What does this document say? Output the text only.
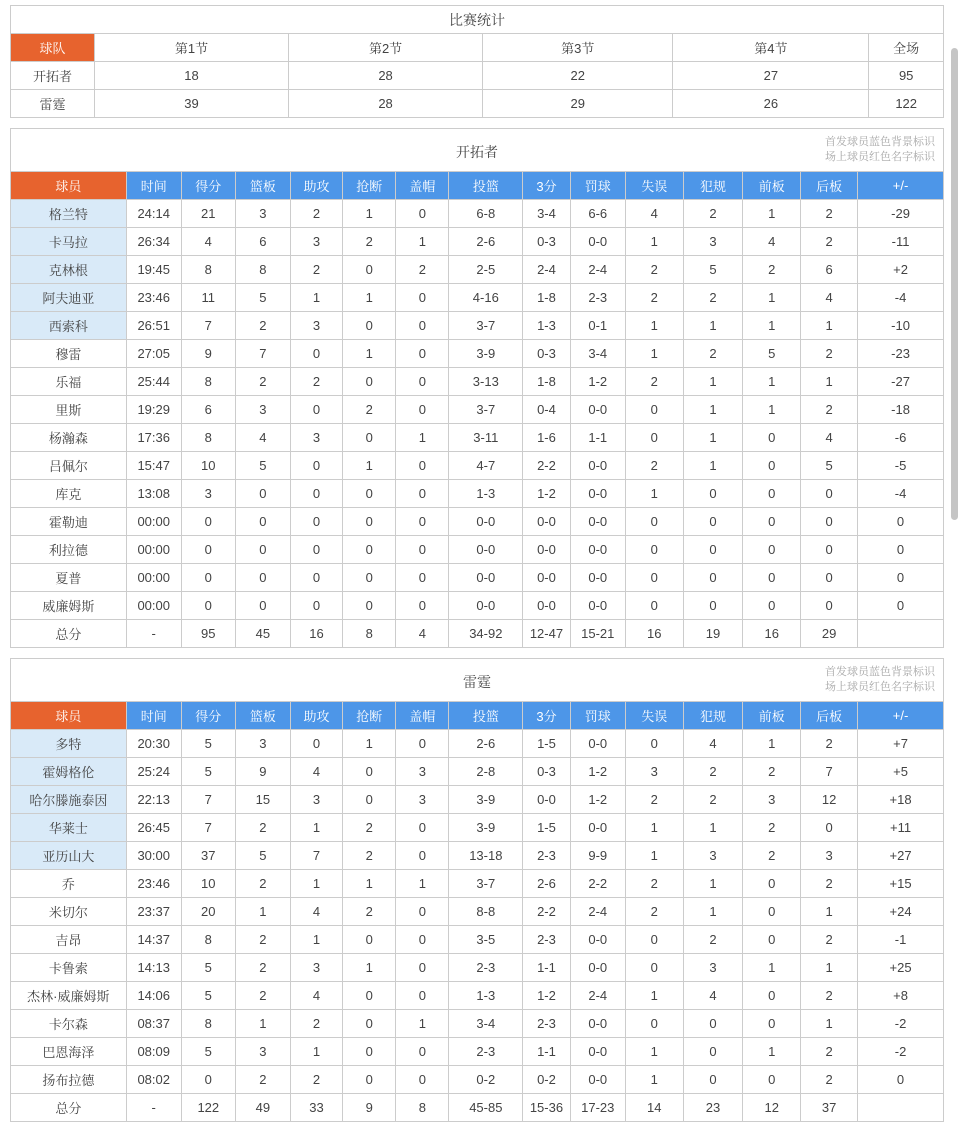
比赛统计					
球队	第1节	第2节	第3节	第4节	全场
开拓者	18	28	22	27	95
雷霆	39	28	29	26	122
开拓者
首发球员蓝色背景标识
场上球员红色名字标识
球员	时间	得分	篮板	助攻	抢断	盖帽	投篮	3分	罚球	失误	犯规	前板	后板	+/-
格兰特	24:14	21	3	2	1	0	6-8	3-4	6-6	4	2	1	2	-29
卡马拉	26:34	4	6	3	2	1	2-6	0-3	0-0	1	3	4	2	-11
克林根	19:45	8	8	2	0	2	2-5	2-4	2-4	2	5	2	6	+2
阿夫迪亚	23:46	11	5	1	1	0	4-16	1-8	2-3	2	2	1	4	-4
西索科	26:51	7	2	3	0	0	3-7	1-3	0-1	1	1	1	1	-10
穆雷	27:05	9	7	0	1	0	3-9	0-3	3-4	1	2	5	2	-23
乐福	25:44	8	2	2	0	0	3-13	1-8	1-2	2	1	1	1	-27
里斯	19:29	6	3	0	2	0	3-7	0-4	0-0	0	1	1	2	-18
杨瀚森	17:36	8	4	3	0	1	3-11	1-6	1-1	0	1	0	4	-6
吕佩尔	15:47	10	5	0	1	0	4-7	2-2	0-0	2	1	0	5	-5
库克	13:08	3	0	0	0	0	1-3	1-2	0-0	1	0	0	0	-4
霍勒迪	00:00	0	0	0	0	0	0-0	0-0	0-0	0	0	0	0	0
利拉德	00:00	0	0	0	0	0	0-0	0-0	0-0	0	0	0	0	0
夏普	00:00	0	0	0	0	0	0-0	0-0	0-0	0	0	0	0	0
威廉姆斯	00:00	0	0	0	0	0	0-0	0-0	0-0	0	0	0	0	0
总分	-	95	45	16	8	4	34-92	12-47	15-21	16	19	16	29	
雷霆
首发球员蓝色背景标识
场上球员红色名字标识
球员	时间	得分	篮板	助攻	抢断	盖帽	投篮	3分	罚球	失误	犯规	前板	后板	+/-
多特	20:30	5	3	0	1	0	2-6	1-5	0-0	0	4	1	2	+7
霍姆格伦	25:24	5	9	4	0	3	2-8	0-3	1-2	3	2	2	7	+5
哈尔滕施泰因	22:13	7	15	3	0	3	3-9	0-0	1-2	2	2	3	12	+18
华莱士	26:45	7	2	1	2	0	3-9	1-5	0-0	1	1	2	0	+11
亚历山大	30:00	37	5	7	2	0	13-18	2-3	9-9	1	3	2	3	+27
乔	23:46	10	2	1	1	1	3-7	2-6	2-2	2	1	0	2	+15
米切尔	23:37	20	1	4	2	0	8-8	2-2	2-4	2	1	0	1	+24
吉昂	14:37	8	2	1	0	0	3-5	2-3	0-0	0	2	0	2	-1
卡鲁索	14:13	5	2	3	1	0	2-3	1-1	0-0	0	3	1	1	+25
杰林·威廉姆斯	14:06	5	2	4	0	0	1-3	1-2	2-4	1	4	0	2	+8
卡尔森	08:37	8	1	2	0	1	3-4	2-3	0-0	0	0	0	1	-2
巴恩海泽	08:09	5	3	1	0	0	2-3	1-1	0-0	1	0	1	2	-2
扬布拉德	08:02	0	2	2	0	0	0-2	0-2	0-0	1	0	0	2	0
总分	-	122	49	33	9	8	45-85	15-36	17-23	14	23	12	37	
